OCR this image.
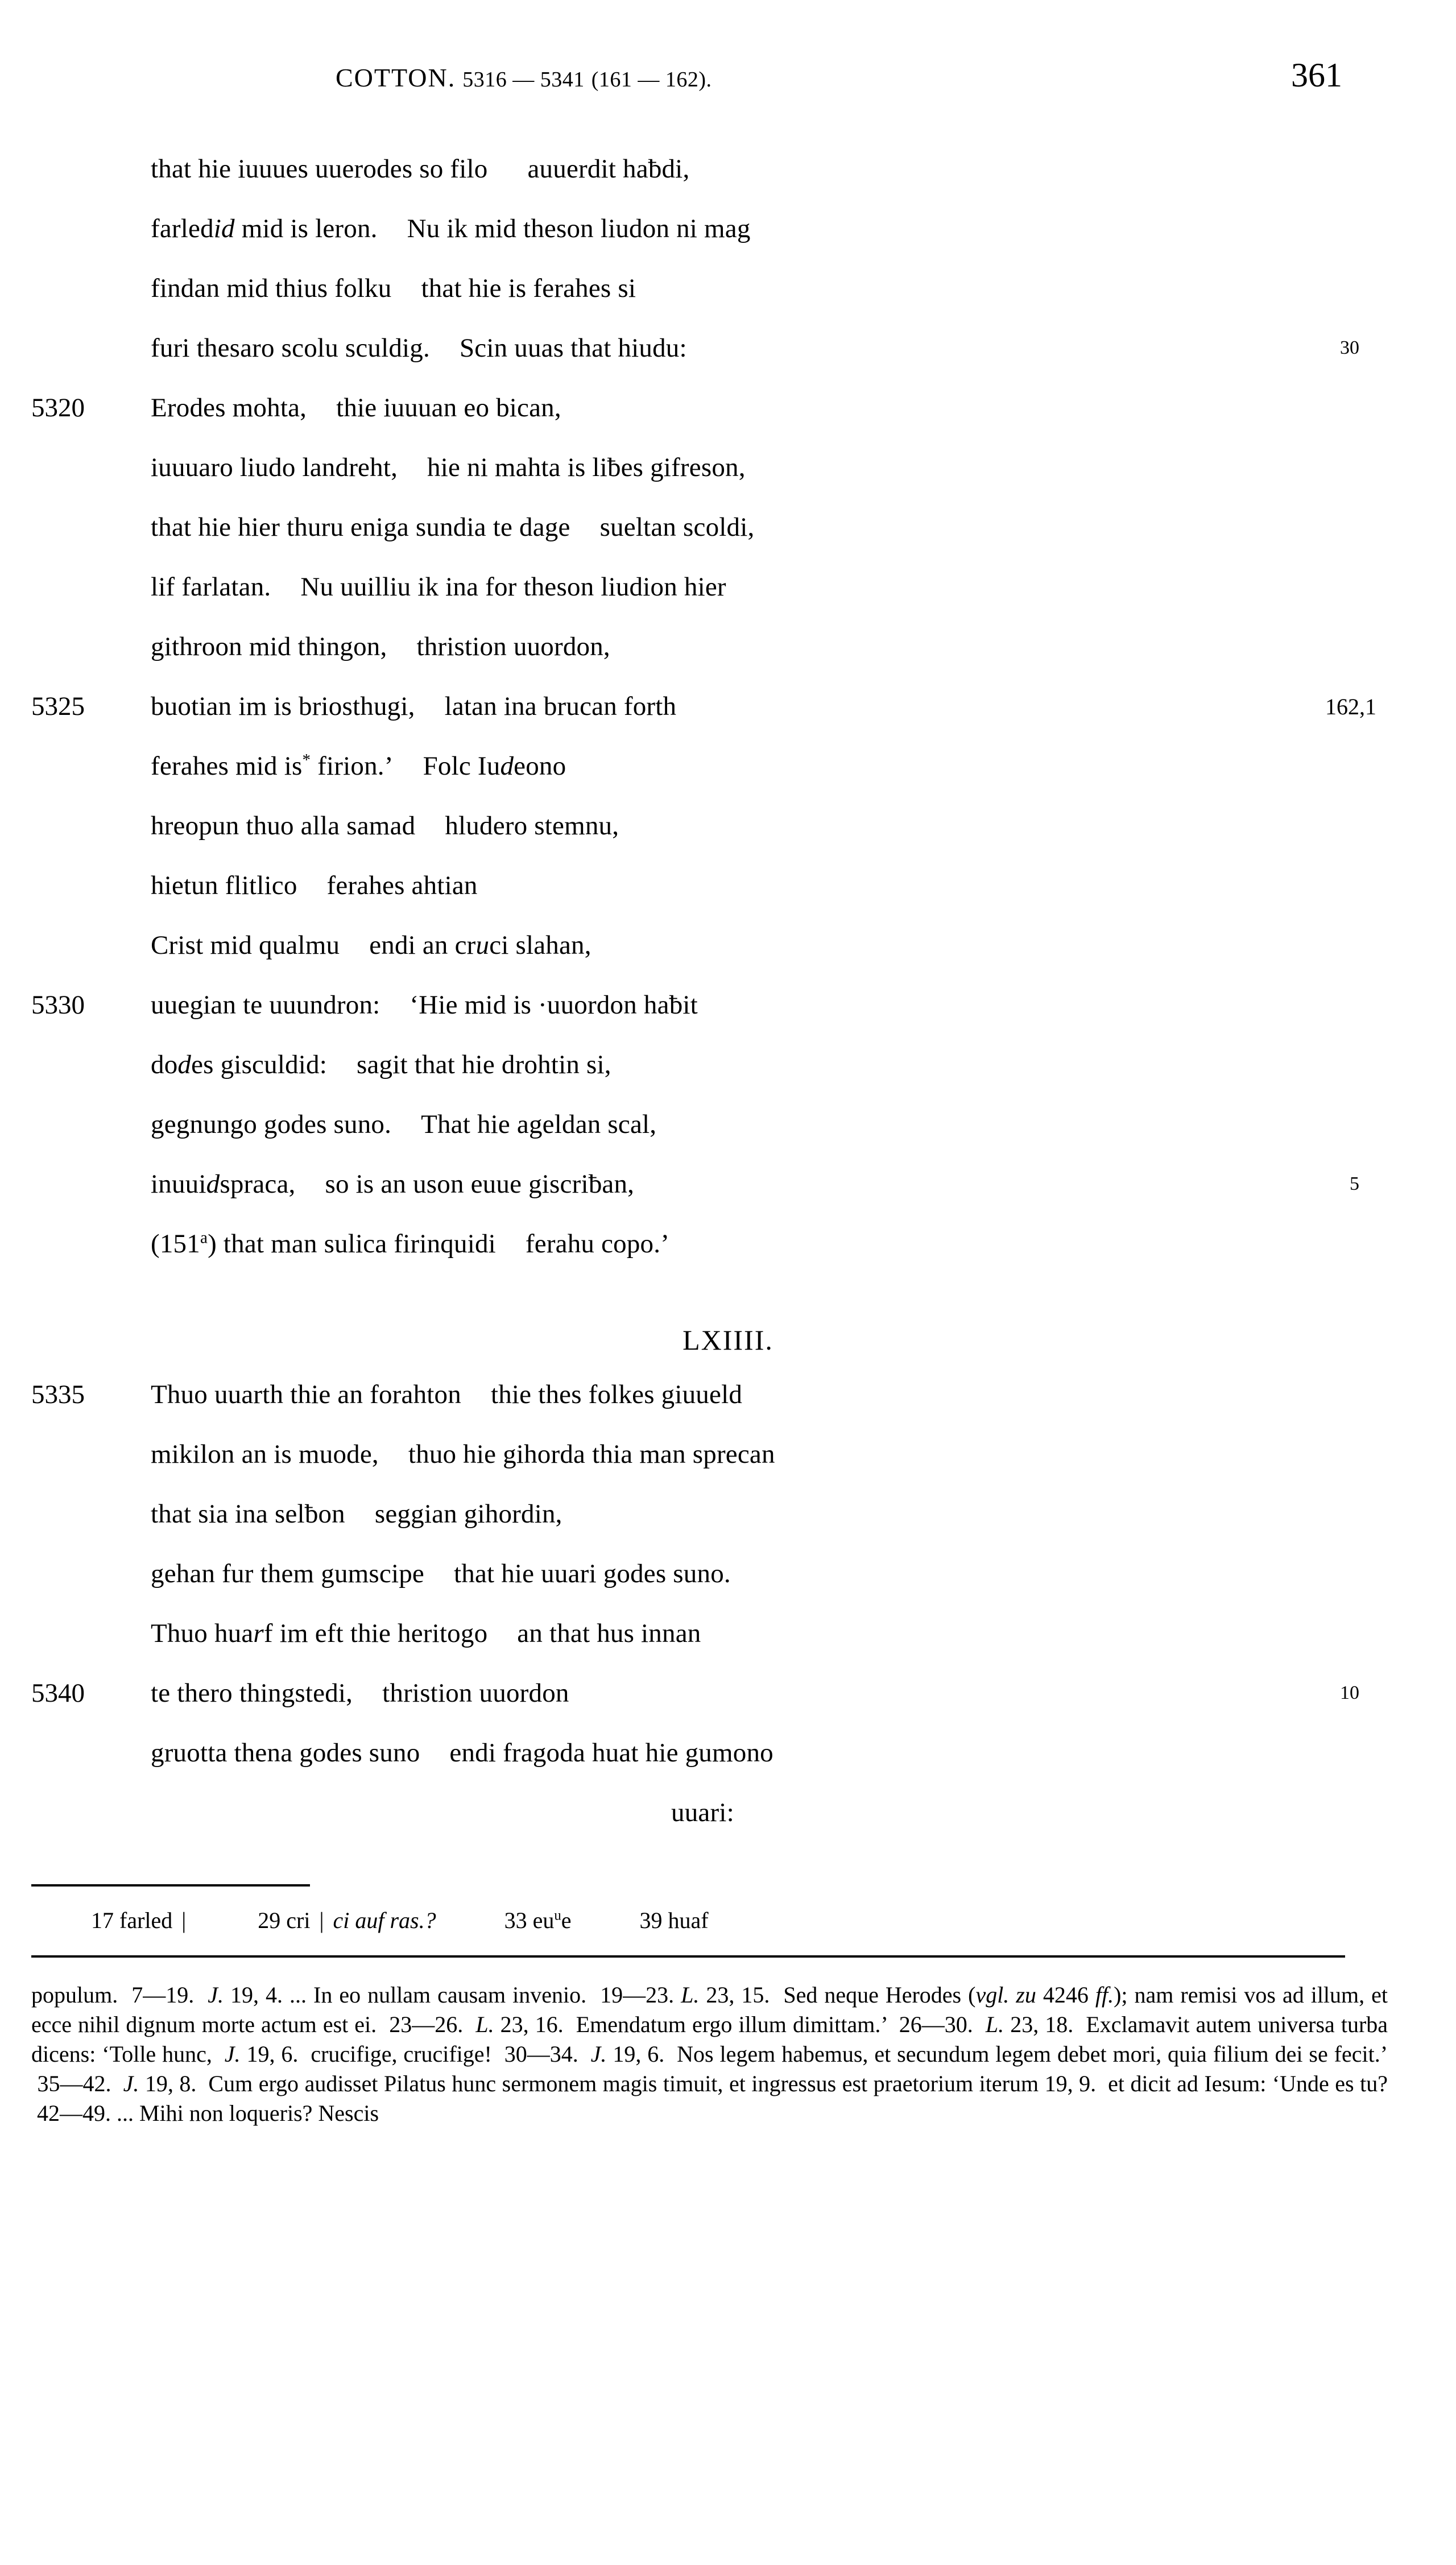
COTTON. 5316 — 5341 (161 — 162).	361
that hie iuuues uuerodes so filo auuerdit haƀdi,
farledid mid is leron. Nu ik mid theson liudon ni mag
findan mid thius folku that hie is ferahes si
furi thesaro scolu sculdig. Scin uuas that hiudu:	30
5320	Erodes mohta, thie iuuuan eo bican,
iuuuaro liudo landreht, hie ni mahta is liƀes gifreson,
that hie hier thuru eniga sundia te dage sueltan scoldi,
lif farlatan. Nu uuilliu ik ina for theson liudion hier
githroon mid thingon, thristion uuordon,
5325	buotian im is briosthugi, latan ina brucan forth	162,1
ferahes mid is* firion.’ Folc Iudeono
hreopun thuo alla samad hludero stemnu,
hietun flitlico ferahes ahtian
Crist mid qualmu endi an cruci slahan,
5330	uuegian te uuundron: ‘Hie mid is ·uuordon haƀit
dodes gisculdid: sagit that hie drohtin si,
gegnungo godes suno. That hie ageldan scal,
inuuidspraca, so is an uson euue giscriƀan,	5
(151$^a$) that man sulica firinquidi ferahu copo.’
LXIIII.
5335	Thuo uuarth thie an forahton thie thes folkes giuueld
mikilon an is muode, thuo hie gihorda thia man sprecan
that sia ina selƀon seggian gihordin,
gehan fur them gumscipe that hie uuari godes suno.
Thuo huarf im eft thie heritogo an that hus innan
5340	te thero thingstedi, thristion uuordon	10
gruotta thena godes suno endi fragoda huat hie gumono
uuari:
17 farled |	29 cri | ci auf ras.?	33 $eu^ue$	39 huaf

populum.  7—19.  J. 19, 4. ... In eo nullam causam invenio.  19—23. L. 23, 15.  Sed neque Herodes (vgl. zu 4246 ff.); nam remisi vos ad illum, et ecce nihil dignum morte actum est ei.  23—26.  L. 23, 16.  Emendatum ergo illum dimittam.’  26—30.  L. 23, 18.  Exclamavit autem universa turba dicens: ‘Tolle hunc,  J. 19, 6.  crucifige, crucifige!  30—34.  J. 19, 6.  Nos legem habemus, et secundum legem debet mori, quia filium dei se fecit.’  35—42.  J. 19, 8.  Cum ergo audisset Pilatus hunc sermonem magis timuit, et ingressus est praetorium iterum 19, 9.  et dicit ad Iesum: ‘Unde es tu?  42—49. ... Mihi non loqueris? Nescis
